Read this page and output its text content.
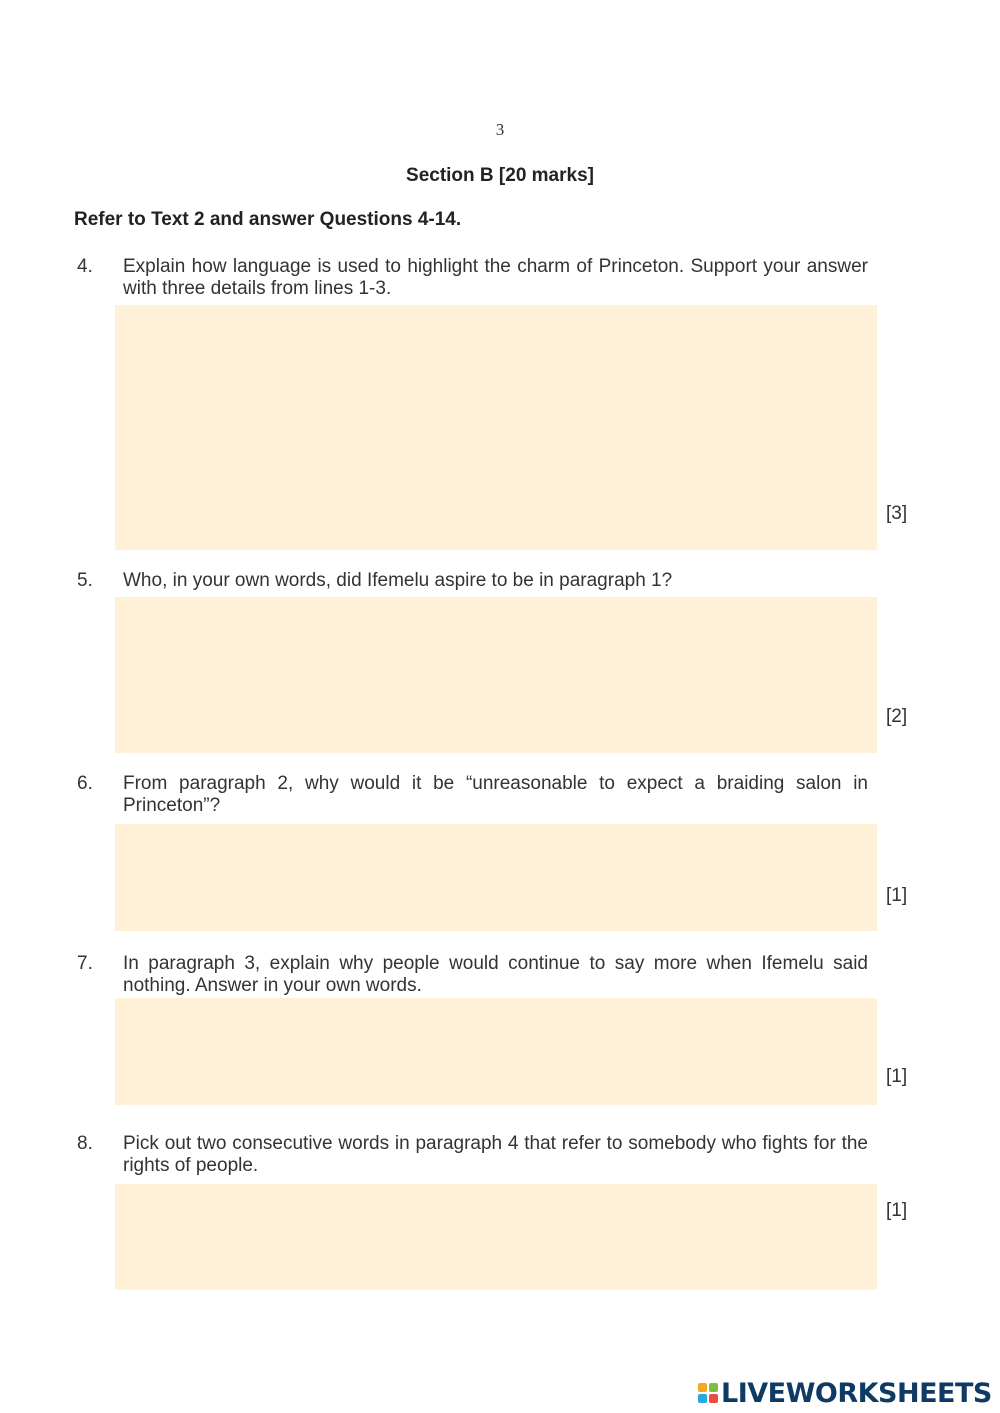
3
Section B [20 marks]
Refer to Text 2 and answer Questions 4-14.
4. Explain how language is used to highlight the charm of Princeton. Support your answer with three details from lines 1-3.
[3]
5. Who, in your own words, did Ifemelu aspire to be in paragraph 1?
[2]
6. From paragraph 2, why would it be “unreasonable to expect a braiding salon in Princeton”?
[1]
7. In paragraph 3, explain why people would continue to say more when Ifemelu said nothing. Answer in your own words.
[1]
8. Pick out two consecutive words in paragraph 4 that refer to somebody who fights for the rights of people.
[1]
LIVEWORKSHEETS
